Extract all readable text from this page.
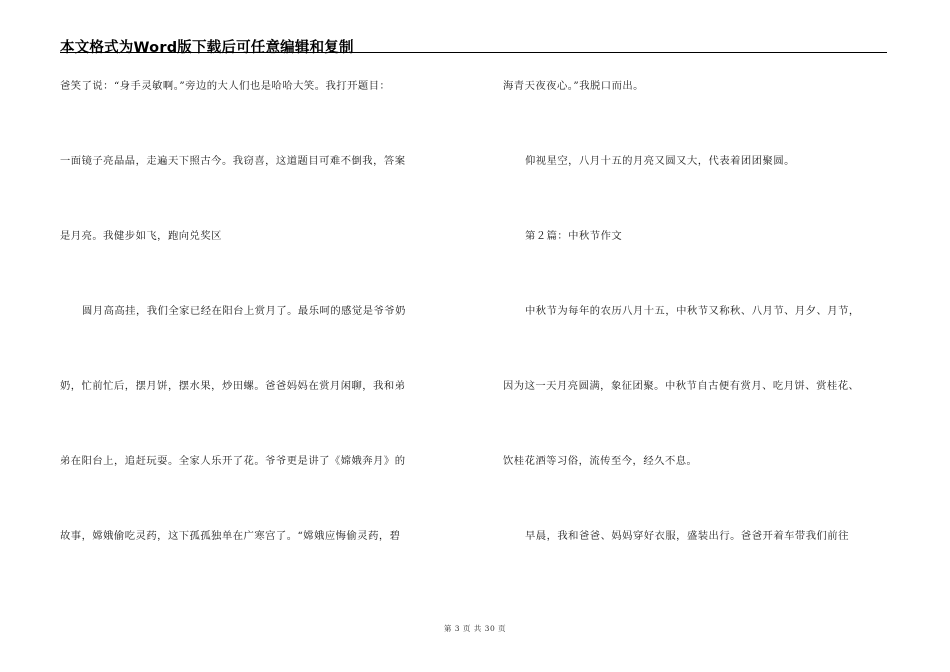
本文格式为Word版下载后可任意编辑和复制
爸笑了说：“身手灵敏啊。”旁边的大人们也是哈哈大笑。我打开题目：
一面镜子亮晶晶，走遍天下照古今。我窃喜，这道题目可难不倒我，答案
是月亮。我健步如飞，跑向兑奖区
圆月高高挂，我们全家已经在阳台上赏月了。最乐呵的感觉是爷爷奶
奶，忙前忙后，摆月饼，摆水果，炒田螺。爸爸妈妈在赏月闲聊，我和弟
弟在阳台上，追赶玩耍。全家人乐开了花。爷爷更是讲了《嫦娥奔月》的
故事，嫦娥偷吃灵药，这下孤孤独单在广寒宫了。“嫦娥应悔偷灵药，碧
海青天夜夜心。”我脱口而出。
仰视星空，八月十五的月亮又圆又大，代表着团团聚圆。
第２篇：中秋节作文
中秋节为每年的农历八月十五，中秋节又称秋、八月节、月夕、月节，
因为这一天月亮圆满，象征团聚。中秋节自古便有赏月、吃月饼、赏桂花、
饮桂花酒等习俗，流传至今，经久不息。
早晨，我和爸爸、妈妈穿好衣服，盛装出行。爸爸开着车带我们前往
第 3 页 共 30 页
